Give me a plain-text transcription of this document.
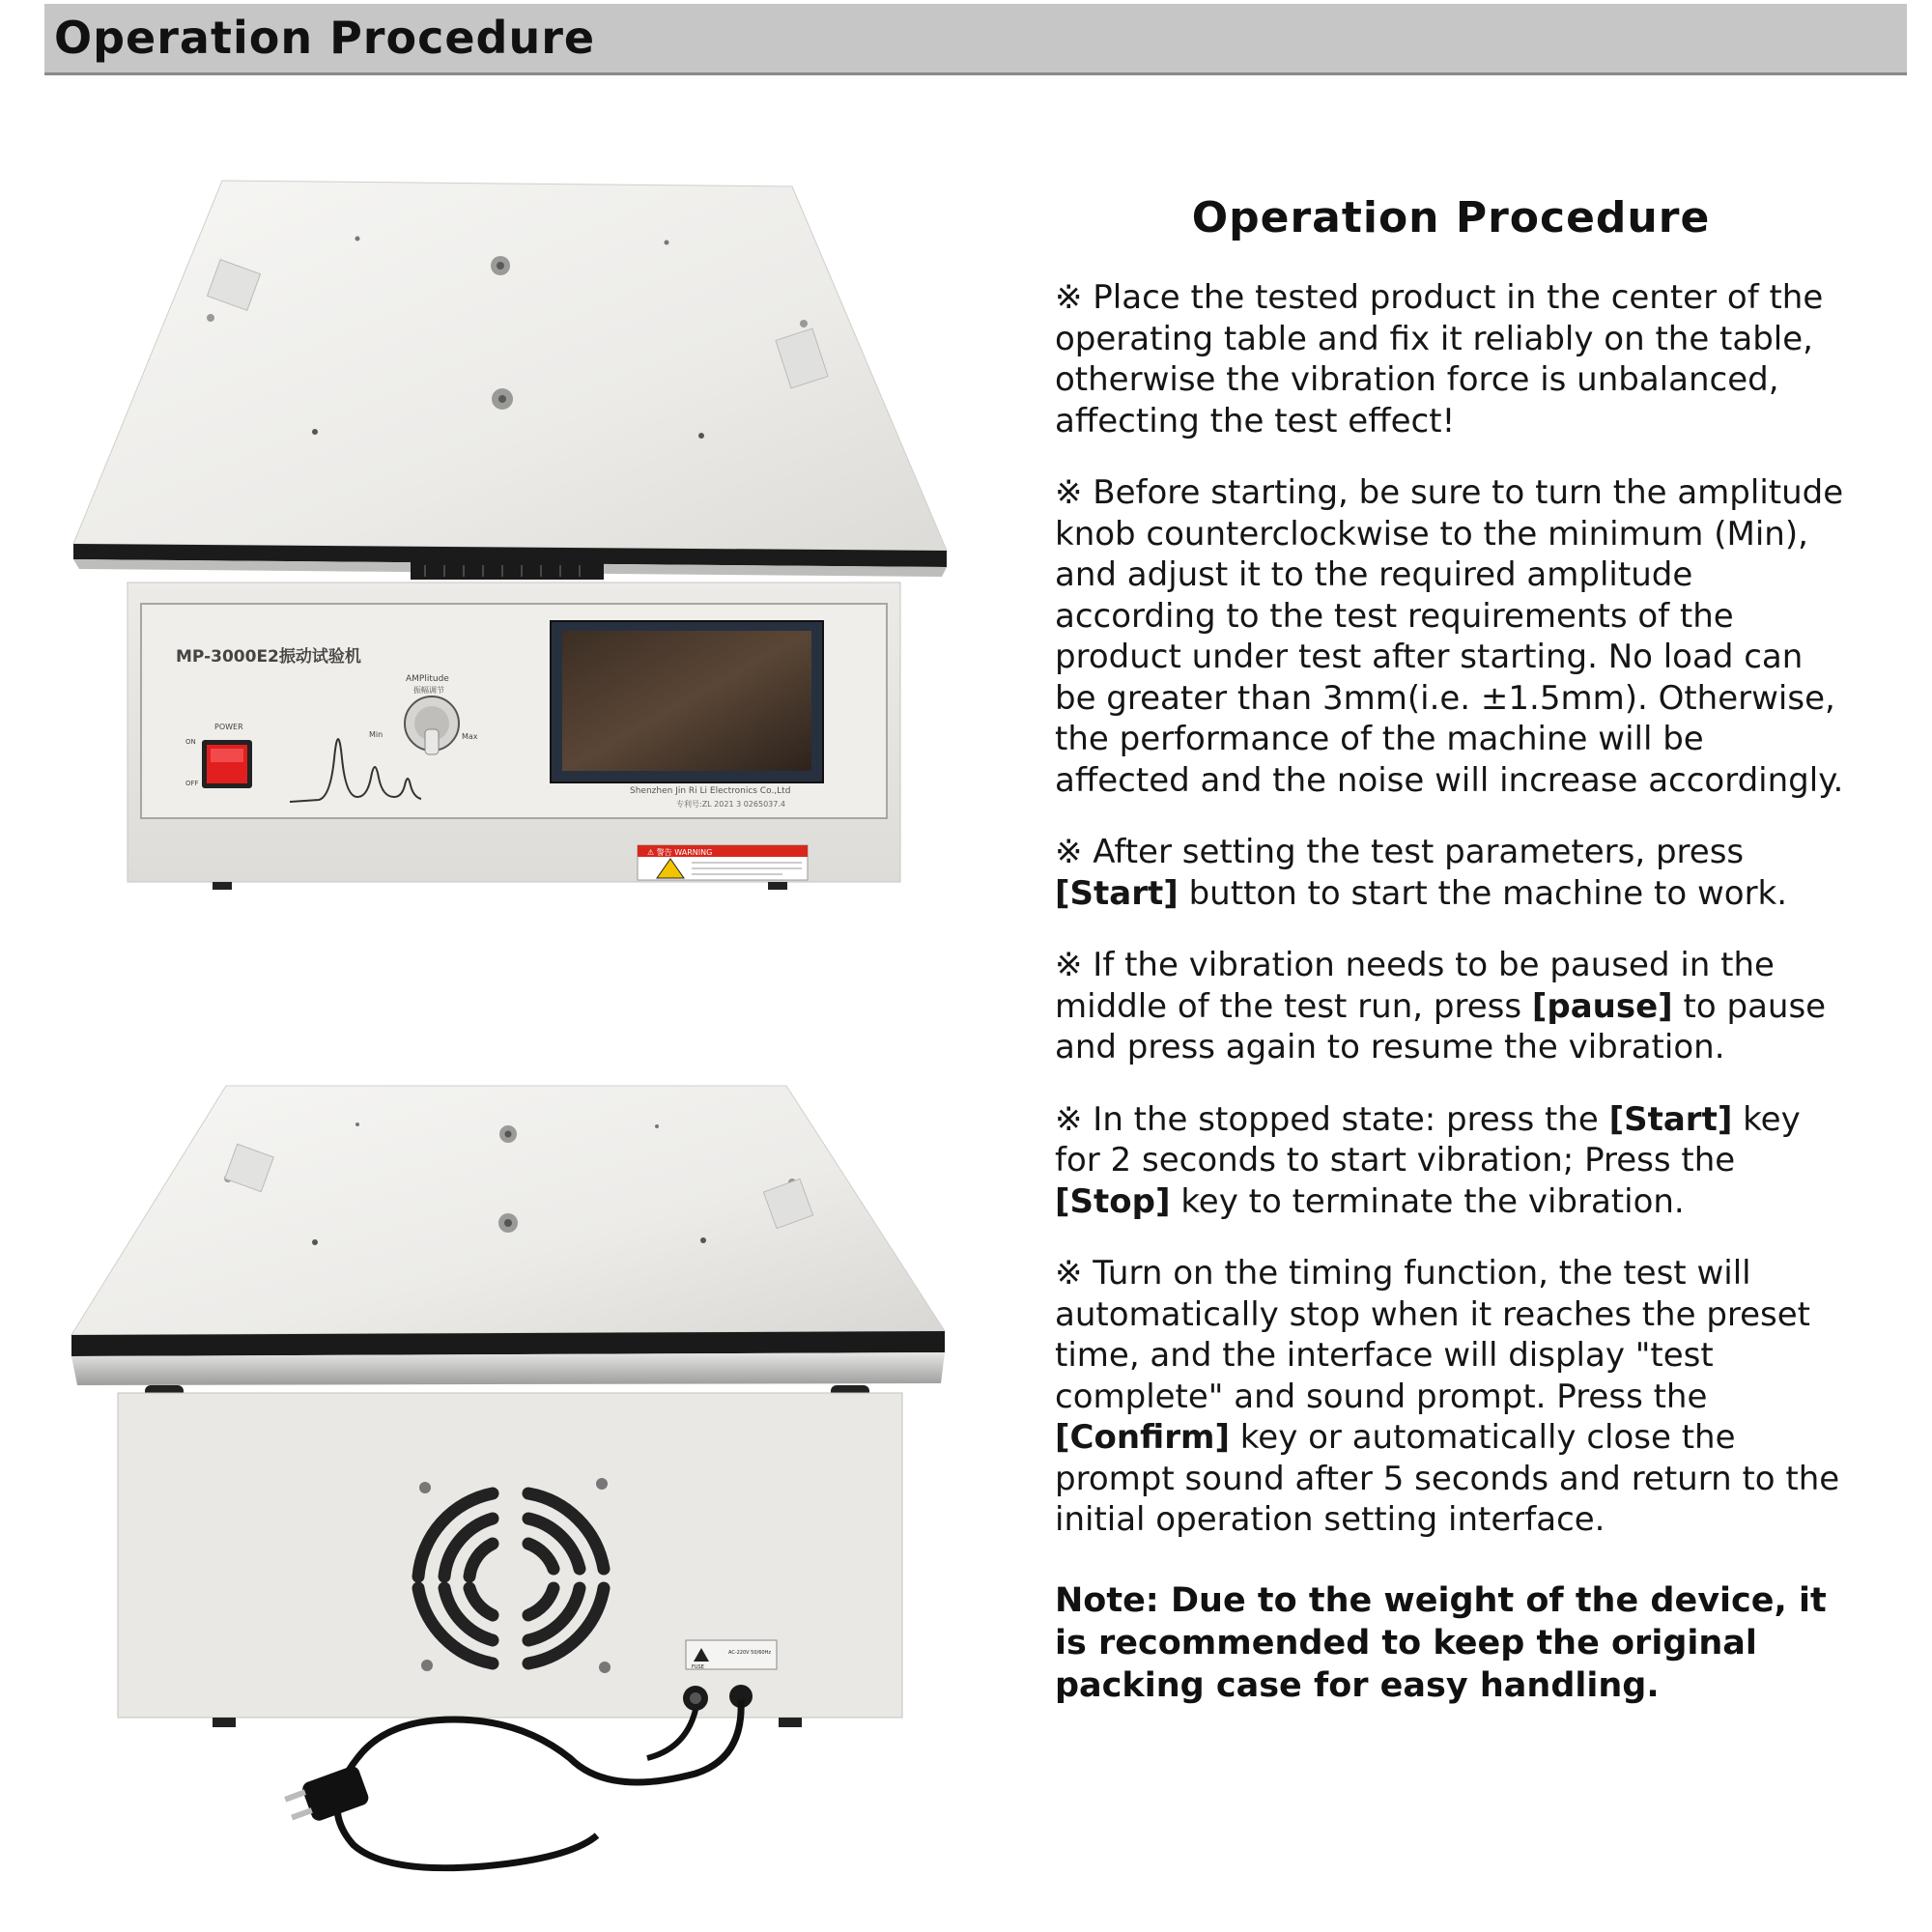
Operation Procedure
MP-3000E2振动试验机
AMPlitude
振幅调节
POWER
ON
OFF
Min	Max
Shenzhen Jin Ri Li Electronics Co.,Ltd
专利号:ZL 2021 3 0265037.4
⚠ 警告 WARNING
FUSE
AC-220V 50/60Hz
Operation Procedure
※ Place the tested product in the center of the operating table and fix it reliably on the table, otherwise the vibration force is unbalanced, affecting the test effect!
※ Before starting, be sure to turn the amplitude knob counterclockwise to the minimum (Min), and adjust it to the required amplitude according to the test requirements of the product under test after starting. No load can be greater than 3mm(i.e. ±1.5mm). Otherwise, the performance of the machine will be affected and the noise will increase accordingly.
※ After setting the test parameters, press [Start] button to start the machine to work.
※ If the vibration needs to be paused in the middle of the test run, press [pause] to pause and press again to resume the vibration.
※ In the stopped state: press the [Start] key for 2 seconds to start vibration; Press the [Stop] key to terminate the vibration.
※ Turn on the timing function, the test will automatically stop when it reaches the preset time, and the interface will display "test complete" and sound prompt. Press the [Confirm] key or automatically close the prompt sound after 5 seconds and return to the initial operation setting interface.
Note: Due to the weight of the device, it is recommended to keep the original packing case for easy handling.
